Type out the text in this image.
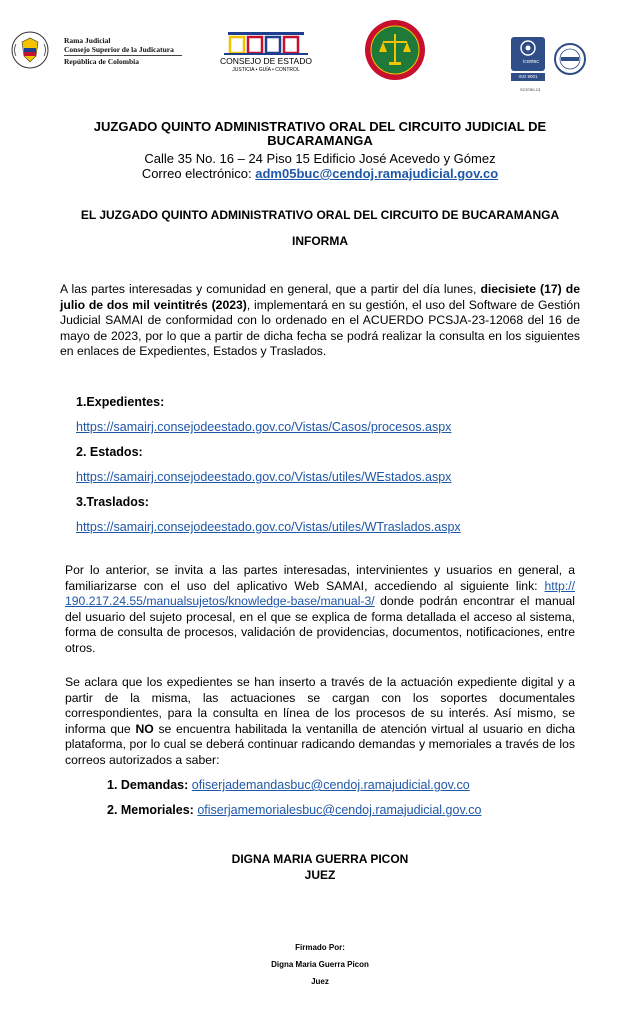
Rama Judicial
Consejo Superior de la Judicatura
República de Colombia	CONSEJO DE ESTADO
JUSTICIA • GUÍA • CONTROL
icontec
ISO 9001
SC5780-13
JUZGADO QUINTO ADMINISTRATIVO ORAL DEL CIRCUITO JUDICIAL DE BUCARAMANGA
Calle 35 No. 16 – 24 Piso 15 Edificio José Acevedo y Gómez
Correo electrónico: adm05buc@cendoj.ramajudicial.gov.co
EL JUZGADO QUINTO ADMINISTRATIVO ORAL DEL CIRCUITO DE BUCARAMANGA
INFORMA
A las partes interesadas y comunidad en general, que a partir del día lunes, diecisiete (17) de julio de dos mil veintitrés (2023), implementará en su gestión, el uso del Software de Gestión Judicial SAMAI de conformidad con lo ordenado en el ACUERDO PCSJA-23-12068 del 16 de mayo de 2023, por lo que a partir de dicha fecha se podrá realizar la consulta en los siguientes en enlaces de Expedientes, Estados y Traslados.
1.Expedientes:
https://samairj.consejodeestado.gov.co/Vistas/Casos/procesos.aspx
2. Estados:
https://samairj.consejodeestado.gov.co/Vistas/utiles/WEstados.aspx
3.Traslados:
https://samairj.consejodeestado.gov.co/Vistas/utiles/WTraslados.aspx
Por lo anterior, se invita a las partes interesadas, intervinientes y usuarios en general, a familiarizarse con el uso del aplicativo Web SAMAI, accediendo al siguiente link: http:// 190.217.24.55/manualsujetos/knowledge-base/manual-3/ donde podrán encontrar el manual del usuario del sujeto procesal, en el que se explica de forma detallada el acceso al sistema, forma de consulta de procesos, validación de providencias, documentos, notificaciones, entre otros.
Se aclara que los expedientes se han inserto a través de la actuación expediente digital y a partir de la misma, las actuaciones se cargan con los soportes documentales correspondientes, para la consulta en línea de los procesos de su interés. Así mismo, se informa que NO se encuentra habilitada la ventanilla de atención virtual al usuario en dicha plataforma, por lo cual se deberá continuar radicando demandas y memoriales a través de los correos autorizados a saber:
1. Demandas: ofiserjademandasbuc@cendoj.ramajudicial.gov.co
2. Memoriales: ofiserjamemorialesbuc@cendoj.ramajudicial.gov.co
DIGNA MARIA GUERRA PICON
JUEZ
Firmado Por:
Digna Maria Guerra Picon
Juez
